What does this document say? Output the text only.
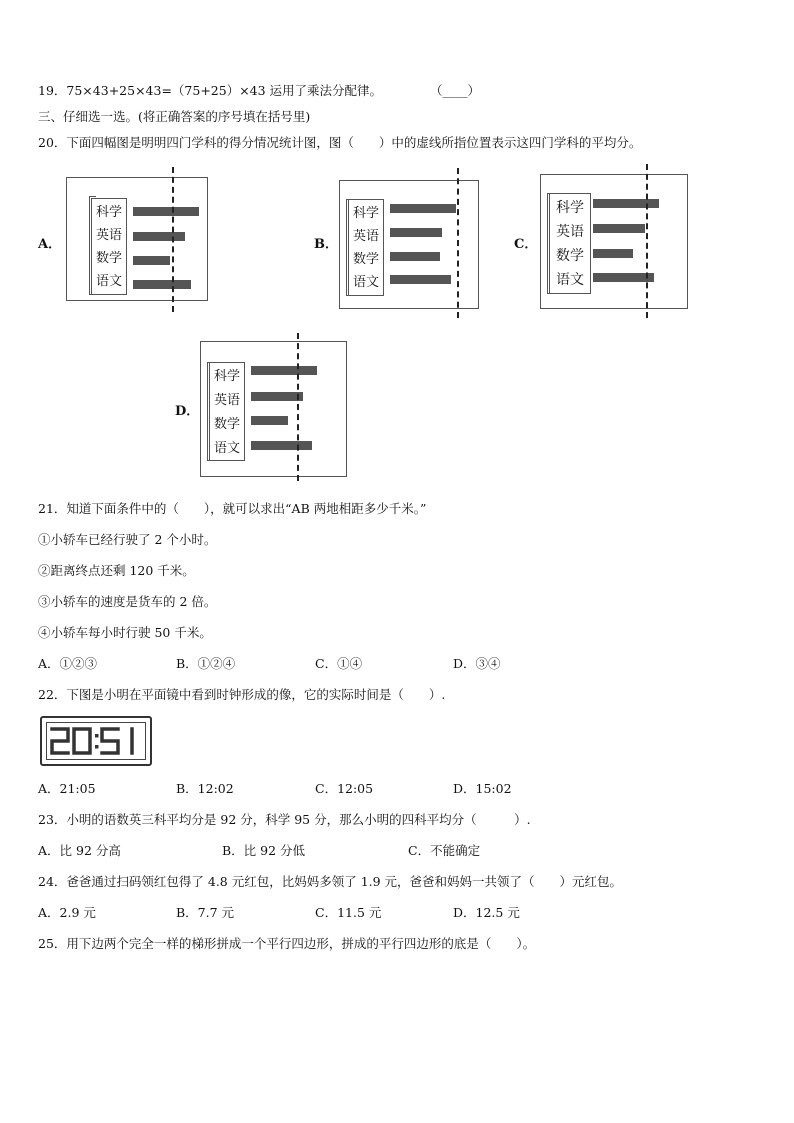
19．75×43+25×43=（75+25）×43 运用了乘法分配律。	（____）
三、仔细选一选。(将正确答案的序号填在括号里)
20．下面四幅图是明明四门学科的得分情况统计图，图（　　）中的虚线所指位置表示这四门学科的平均分。
A．
科学
英语
数学
语文
B．
科学
英语
数学
语文
C．
科学
英语
数学
语文
D．
科学
英语
数学
语文
21．知道下面条件中的（　　），就可以求出“AB 两地相距多少千米。”
①小轿车已经行驶了 2 个小时。
②距离终点还剩 120 千米。
③小轿车的速度是货车的 2 倍。
④小轿车每小时行驶 50 千米。
A．①②③	B．①②④	C．①④	D．③④
22．下图是小明在平面镜中看到时钟形成的像，它的实际时间是（　　）.
A．21:05	B．12:02	C．12:05	D．15:02
23．小明的语数英三科平均分是 92 分，科学 95 分，那么小明的四科平均分（　　　）.
A．比 92 分高	B．比 92 分低	C．不能确定
24．爸爸通过扫码领红包得了 4.8 元红包，比妈妈多领了 1.9 元，爸爸和妈妈一共领了（　　）元红包。
A．2.9 元	B．7.7 元	C．11.5 元	D．12.5 元
25．用下边两个完全一样的梯形拼成一个平行四边形，拼成的平行四边形的底是（　　）。
